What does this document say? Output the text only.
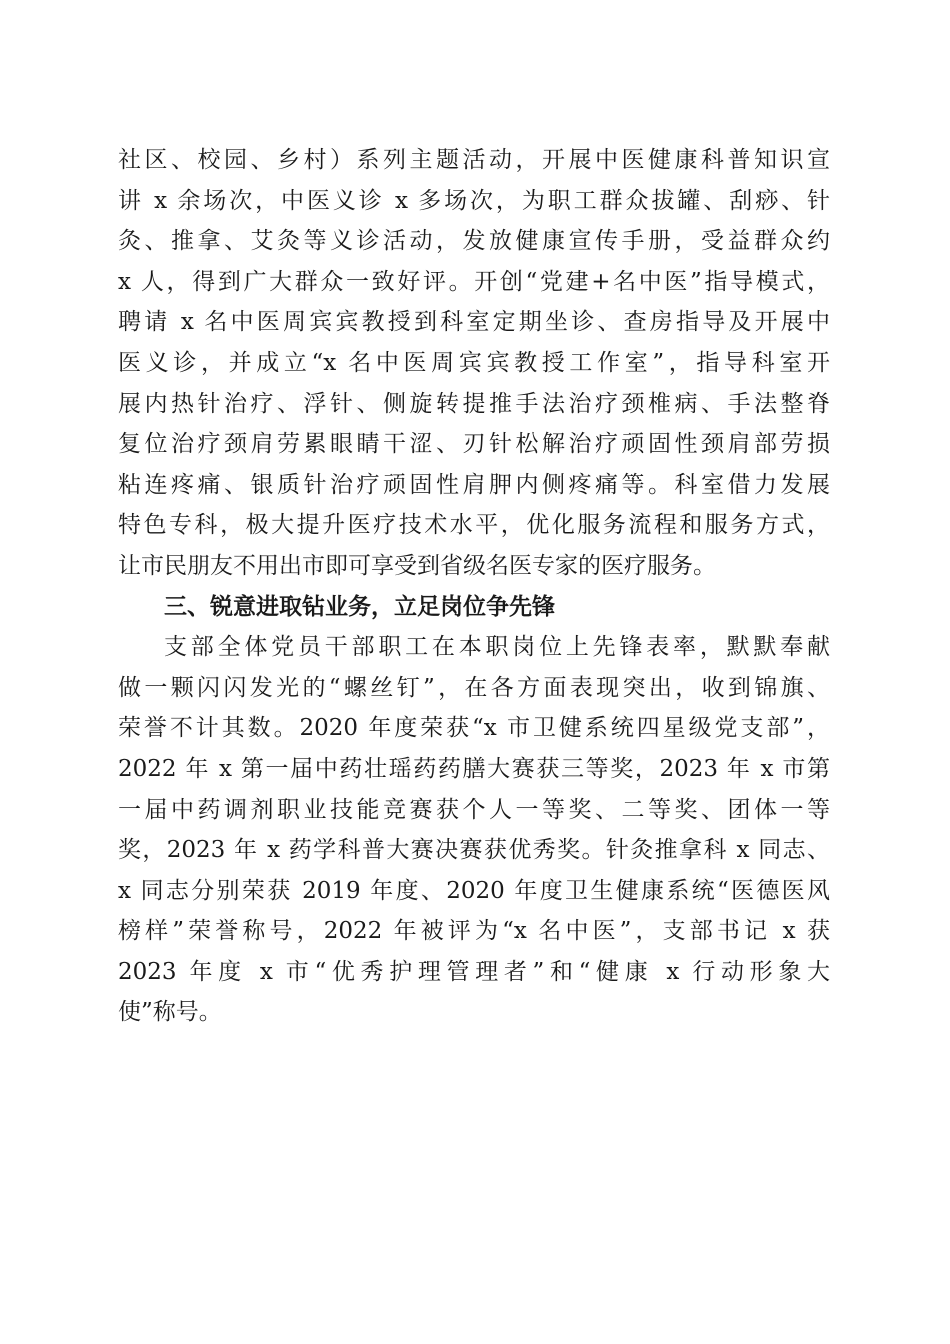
社区、校园、乡村）系列主题活动，开展中医健康科普知识宣
讲 x 余场次，中医义诊 x 多场次，为职工群众拔罐、刮痧、针
灸、推拿、艾灸等义诊活动，发放健康宣传手册，受益群众约
x 人，得到广大群众一致好评。开创“党建+名中医”指导模式，
聘请 x 名中医周宾宾教授到科室定期坐诊、查房指导及开展中
医义诊，并成立“x 名中医周宾宾教授工作室”，指导科室开
展内热针治疗、浮针、侧旋转提推手法治疗颈椎病、手法整脊
复位治疗颈肩劳累眼睛干涩、刃针松解治疗顽固性颈肩部劳损
粘连疼痛、银质针治疗顽固性肩胛内侧疼痛等。科室借力发展
特色专科，极大提升医疗技术水平，优化服务流程和服务方式，
让市民朋友不用出市即可享受到省级名医专家的医疗服务。
三、锐意进取钻业务，立足岗位争先锋
支部全体党员干部职工在本职岗位上先锋表率，默默奉献
做一颗闪闪发光的“螺丝钉”，在各方面表现突出，收到锦旗、
荣誉不计其数。2020 年度荣获“x 市卫健系统四星级党支部”，
2022 年 x 第一届中药壮瑶药药膳大赛获三等奖，2023 年 x 市第
一届中药调剂职业技能竞赛获个人一等奖、二等奖、团体一等
奖，2023 年 x 药学科普大赛决赛获优秀奖。针灸推拿科 x 同志、
x 同志分别荣获 2019 年度、2020 年度卫生健康系统“医德医风
榜样”荣誉称号，2022 年被评为“x 名中医”，支部书记 x 获
2023 年度 x 市“优秀护理管理者”和“健康 x 行动形象大
使”称号。
